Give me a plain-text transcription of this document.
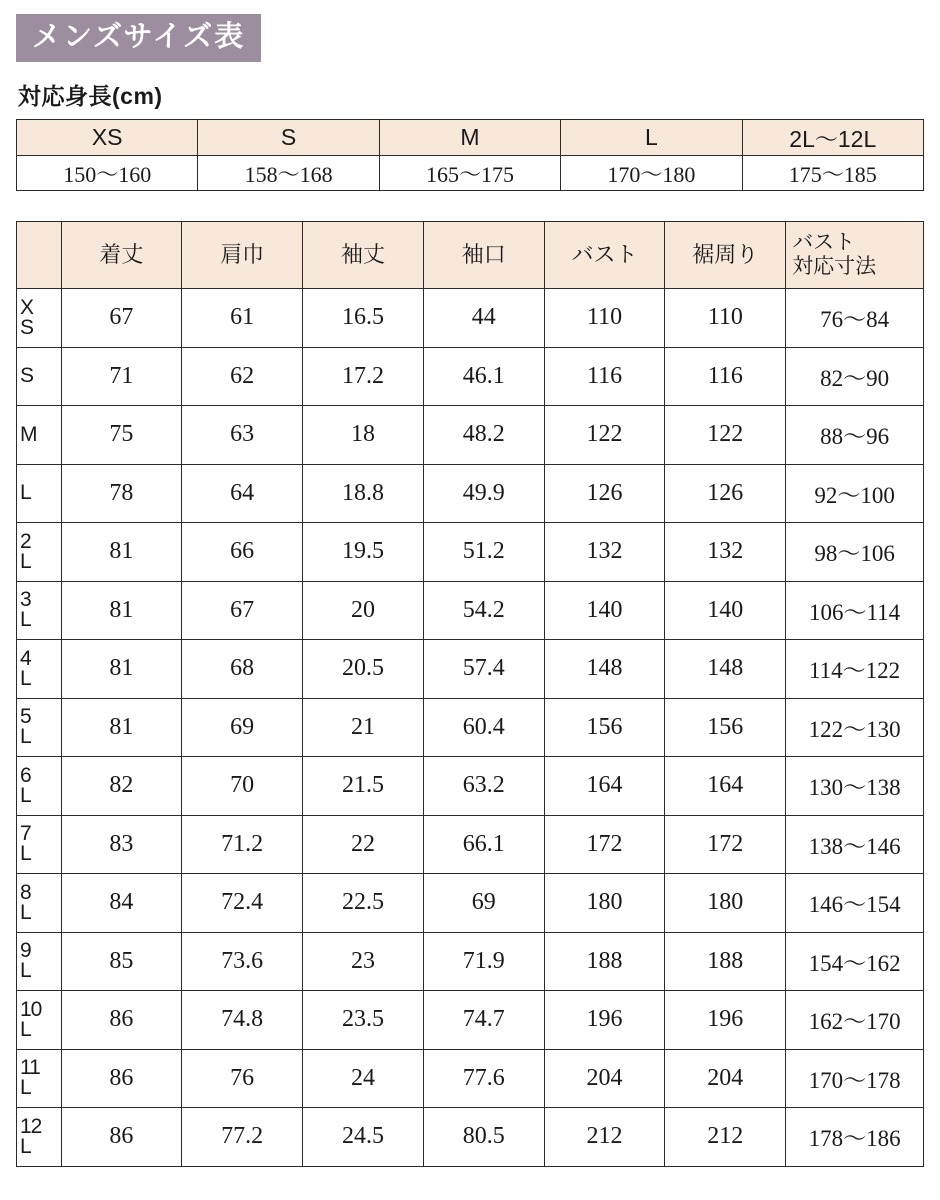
メンズサイズ表
対応身長(cm)
XS	S	M	L	2L〜12L
150〜160	158〜168	165〜175	170〜180	175〜185
	着丈	肩巾	袖丈	袖口	バスト	裾周り	バスト
対応寸法

X
S	67	61	16.5	44	110	110	76〜84

S	71	62	17.2	46.1	116	116	82〜90

M	75	63	18	48.2	122	122	88〜96

L	78	64	18.8	49.9	126	126	92〜100

2
L	81	66	19.5	51.2	132	132	98〜106

3
L	81	67	20	54.2	140	140	106〜114

4
L	81	68	20.5	57.4	148	148	114〜122

5
L	81	69	21	60.4	156	156	122〜130

6
L	82	70	21.5	63.2	164	164	130〜138

7
L	83	71.2	22	66.1	172	172	138〜146

8
L	84	72.4	22.5	69	180	180	146〜154

9
L	85	73.6	23	71.9	188	188	154〜162

10
L	86	74.8	23.5	74.7	196	196	162〜170

11
L	86	76	24	77.6	204	204	170〜178

12
L	86	77.2	24.5	80.5	212	212	178〜186
